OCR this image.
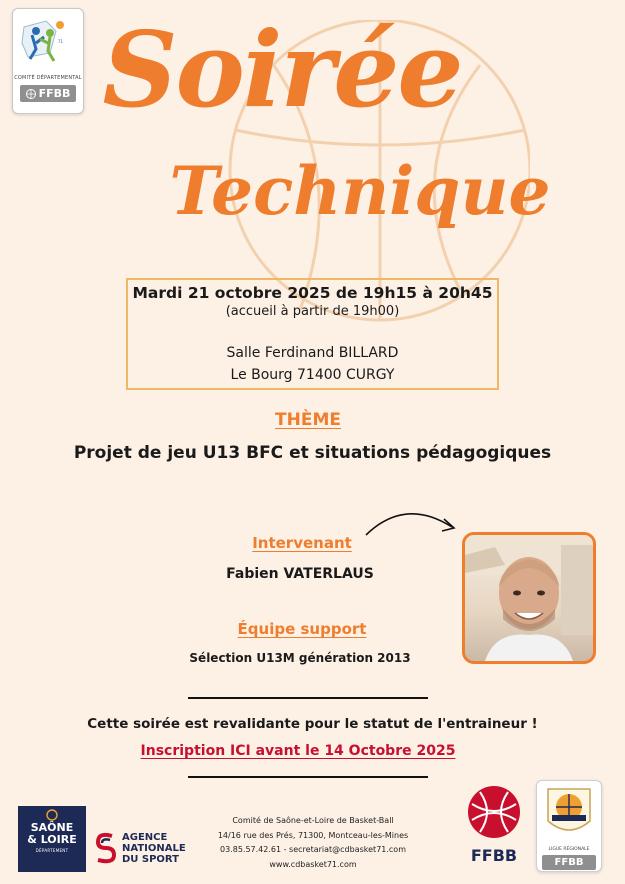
71
COMITÉ DÉPARTEMENTAL
FFBB Soirée
Technique
Mardi 21 octobre 2025 de 19h15 à 20h45
(accueil à partir de 19h00)
Salle Ferdinand BILLARD
Le Bourg 71400 CURGY
THÈME
Projet de jeu U13 BFC et situations pédagogiques
Intervenant
Fabien VATERLAUS
Équipe support
Sélection U13M génération 2013
Cette soirée est revalidante pour le statut de l'entraineur !
Inscription ICI avant le 14 Octobre 2025
SAÔNE
& LOIRE
DÉPARTEMENT
AGENCE
NATIONALE
DU SPORT
Comité de Saône-et-Loire de Basket-Ball
14/16 rue des Prés, 71300, Montceau-les-Mines
03.85.57.42.61 - secretariat@cdbasket71.com
www.cdbasket71.com	FFBB	LIGUE RÉGIONALE
FFBB
